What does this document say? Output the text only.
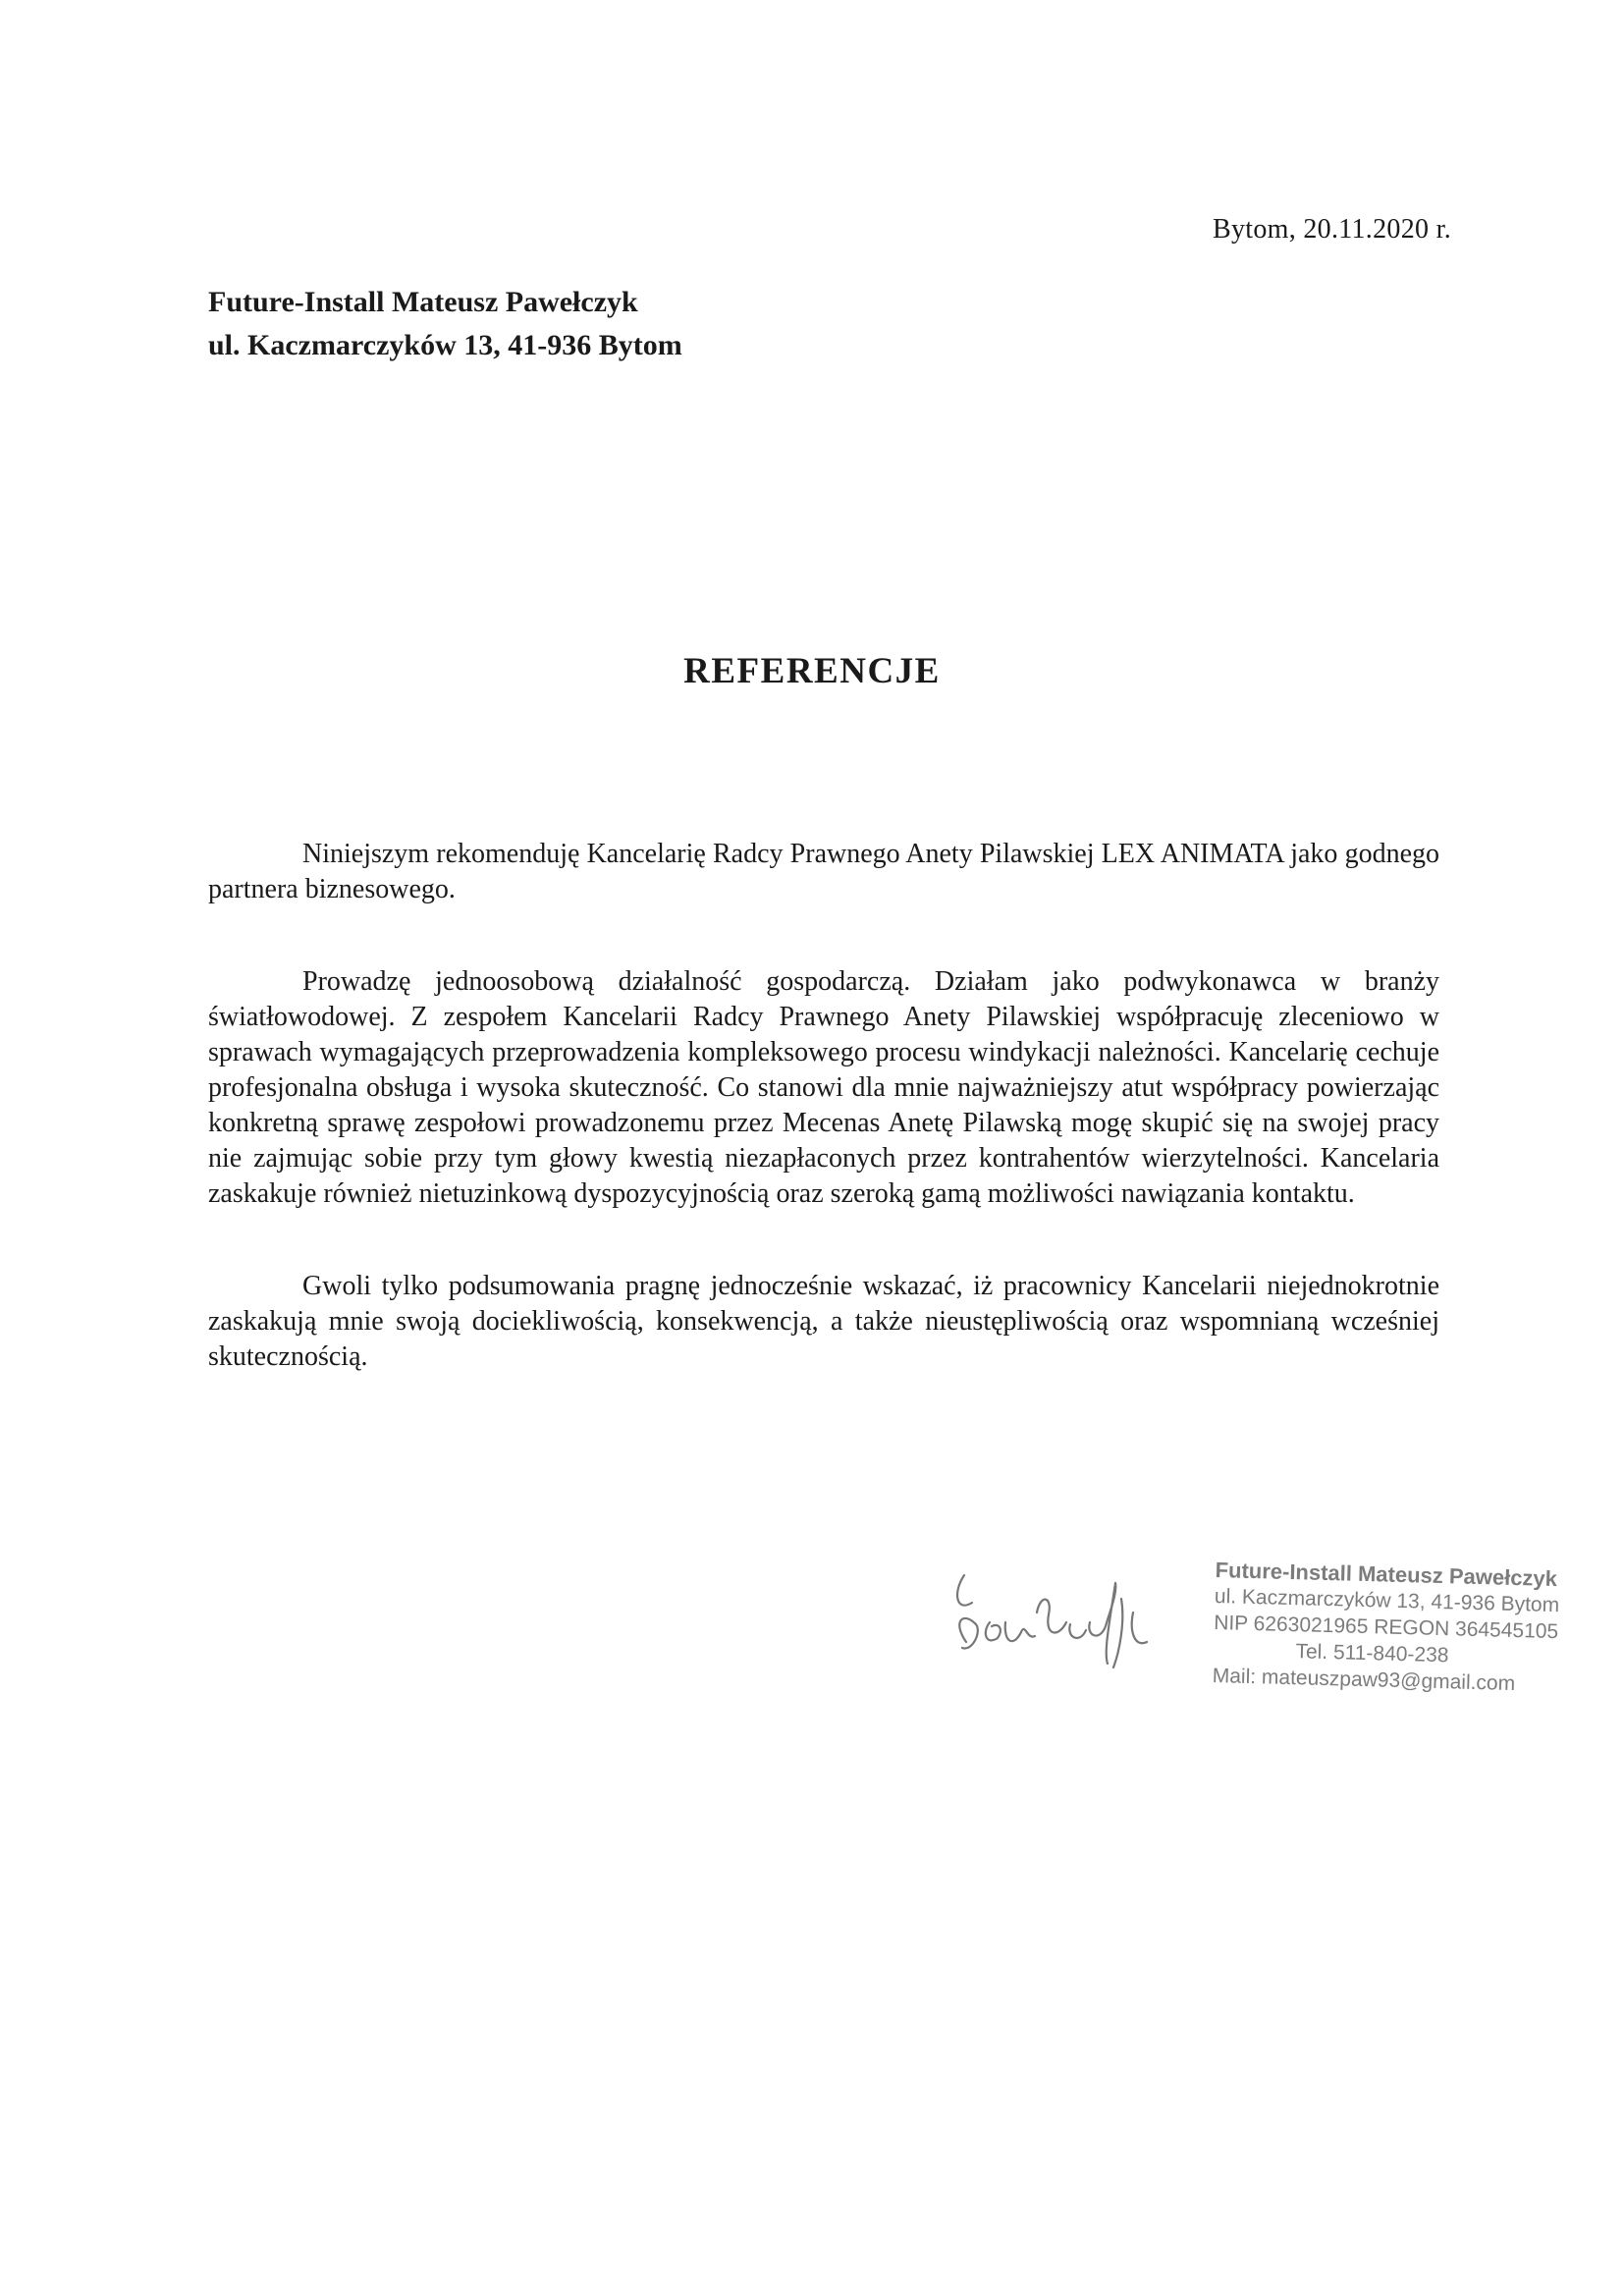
Bytom, 20.11.2020 r.
Future-Install Mateusz Pawełczyk
ul. Kaczmarczyków 13, 41-936 Bytom
REFERENCJE

Niniejszym rekomenduję Kancelarię Radcy Prawnego Anety Pilawskiej LEX ANIMATA jako godnego partnera biznesowego.

Prowadzę jednoosobową działalność gospodarczą. Działam jako podwykonawca w branży światłowodowej. Z zespołem Kancelarii Radcy Prawnego Anety Pilawskiej współpracuję zleceniowo w sprawach wymagających przeprowadzenia kompleksowego procesu windykacji należności. Kancelarię cechuje profesjonalna obsługa i wysoka skuteczność. Co stanowi dla mnie najważniejszy atut współpracy powierzając konkretną sprawę zespołowi prowadzonemu przez Mecenas Anetę Pilawską mogę skupić się na swojej pracy nie zajmując sobie przy tym głowy kwestią niezapłaconych przez kontrahentów wierzytelności. Kancelaria zaskakuje również nietuzinkową dyspozycyjnością oraz szeroką gamą możliwości nawiązania kontaktu.

Gwoli tylko podsumowania pragnę jednocześnie wskazać, iż pracownicy Kancelarii niejednokrotnie zaskakują mnie swoją dociekliwością, konsekwencją, a także nieustępliwością oraz wspomnianą wcześniej skutecznością.

Future-Install Mateusz Pawełczyk
ul. Kaczmarczyków 13, 41-936 Bytom
NIP 6263021965 REGON 364545105
Tel. 511-840-238
Mail: mateuszpaw93@gmail.com
